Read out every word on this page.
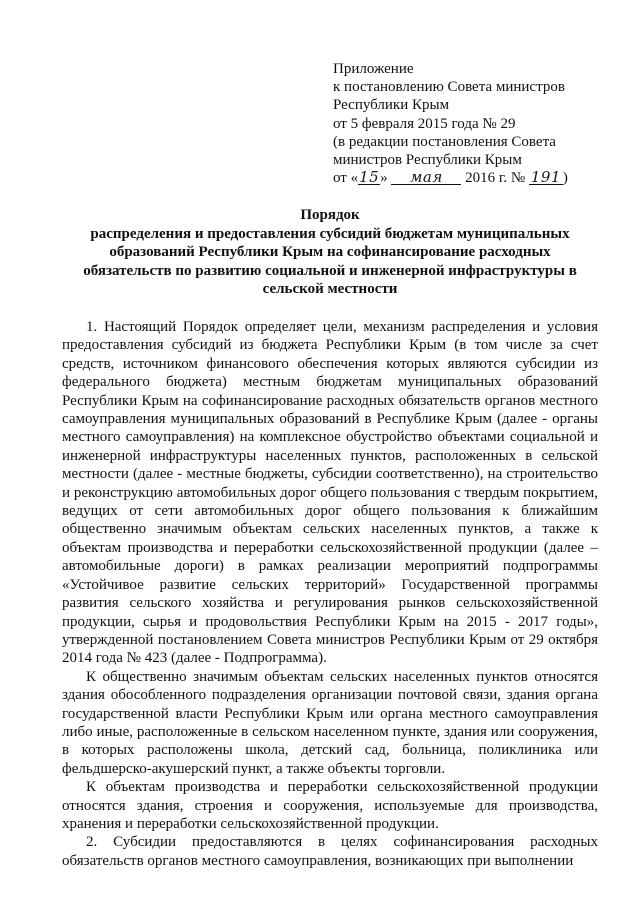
Приложение
к постановлению Совета министров
Республики Крым
от 5 февраля 2015 года № 29
(в редакции постановления Совета
министров Республики Крым
от «15» мая 2016 г. № 191 )
Порядок
распределения и предоставления субсидий бюджетам муниципальных
образований Республики Крым на софинансирование расходных
обязательств по развитию социальной и инженерной инфраструктуры в
сельской местности

1. Настоящий Порядок определяет цели, механизм распределения и условия предоставления субсидий из бюджета Республики Крым (в том числе за счет средств, источником финансового обеспечения которых являются субсидии из федерального бюджета) местным бюджетам муниципальных образований Республики Крым на софинансирование расходных обязательств органов местного самоуправления муниципальных образований в Республике Крым (далее - органы местного самоуправления) на комплексное обустройство объектами социальной и инженерной инфраструктуры населенных пунктов, расположенных в сельской местности (далее - местные бюджеты, субсидии соответственно), на строительство и реконструкцию автомобильных дорог общего пользования с твердым покрытием, ведущих от сети автомобильных дорог общего пользования к ближайшим общественно значимым объектам сельских населенных пунктов, а также к объектам производства и переработки сельскохозяйственной продукции (далее – автомобильные дороги) в рамках реализации мероприятий подпрограммы «Устойчивое развитие сельских территорий» Государственной программы развития сельского хозяйства и регулирования рынков сельскохозяйственной продукции, сырья и продовольствия Республики Крым на 2015 - 2017 годы», утвержденной постановлением Совета министров Республики Крым от 29 октября 2014 года № 423 (далее - Подпрограмма).

К общественно значимым объектам сельских населенных пунктов относятся здания обособленного подразделения организации почтовой связи, здания органа государственной власти Республики Крым или органа местного самоуправления либо иные, расположенные в сельском населенном пункте, здания или сооружения, в которых расположены школа, детский сад, больница, поликлиника или фельдшерско-акушерский пункт, а также объекты торговли.

К объектам производства и переработки сельскохозяйственной продукции относятся здания, строения и сооружения, используемые для производства, хранения и переработки сельскохозяйственной продукции.

2. Субсидии предоставляются в целях софинансирования расходных обязательств органов местного самоуправления, возникающих при выполнении
